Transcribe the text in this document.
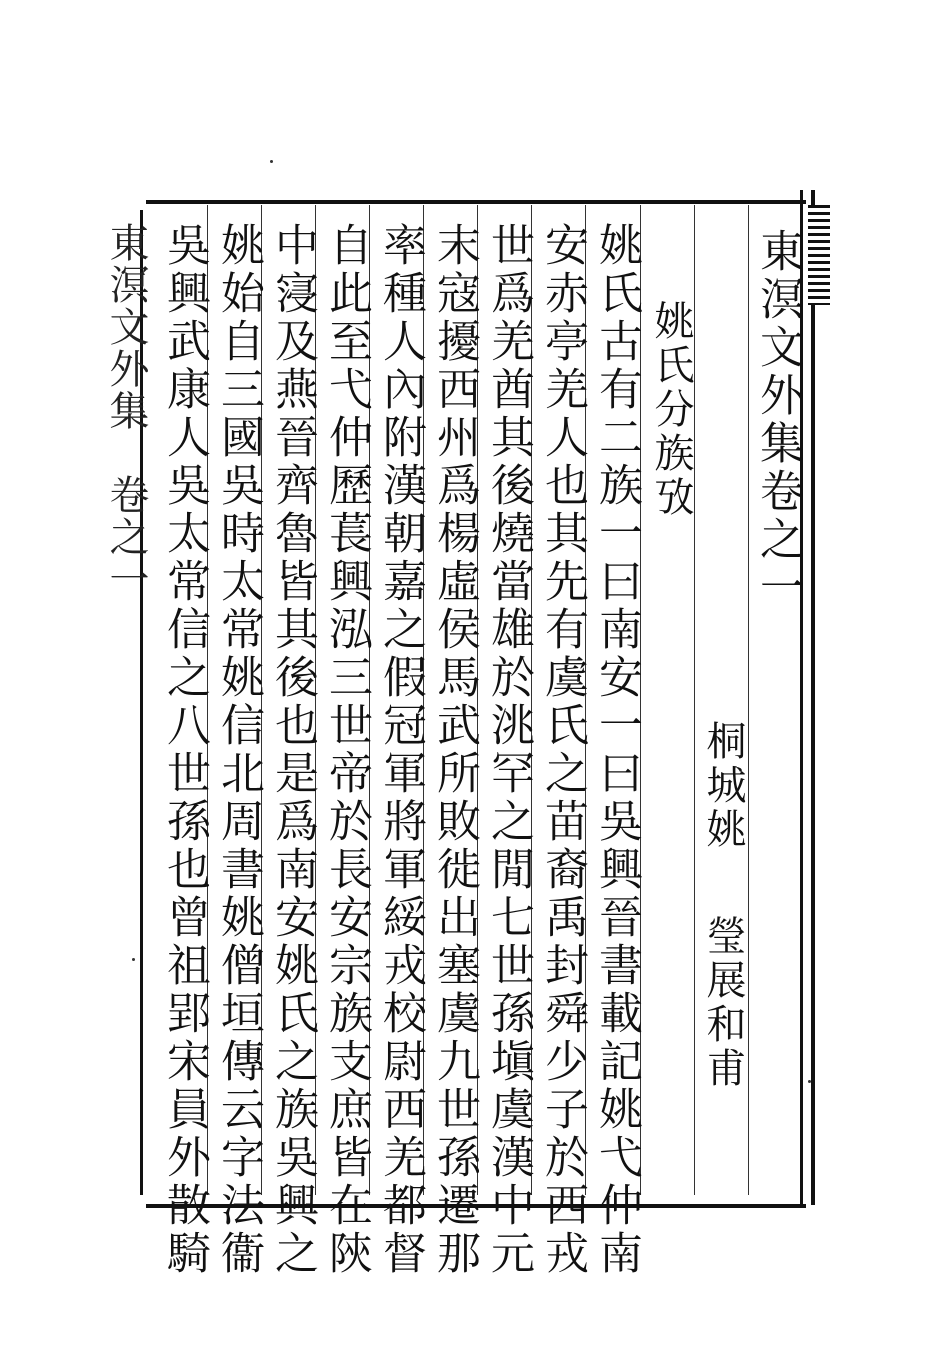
東溟文外集卷之一
姚氏分族攷
桐城姚
瑩展和甫
姚氏古有二族一曰南安一曰吳興晉書載記姚弋仲南
安赤亭羌人也其先有虞氏之苗裔禹封舜少子於西戎
世爲羌酋其後燒當雄於洮罕之閒七世孫塡虞漢中元
末寇擾西州爲楊虛侯馬武所敗徙出塞虞九世孫遷那
率種人內附漢朝嘉之假冠軍將軍綏戎校尉西羌都督
自此至弋仲歷萇興泓三世帝於長安宗族支庶皆在陝
中寖及燕晉齊魯皆其後也是爲南安姚氏之族吳興之
姚始自三國吳時太常姚信北周書姚僧垣傳云字法衞
吳興武康人吳太常信之八世孫也曾祖郢宋員外散騎
東溟文外集　卷之一
